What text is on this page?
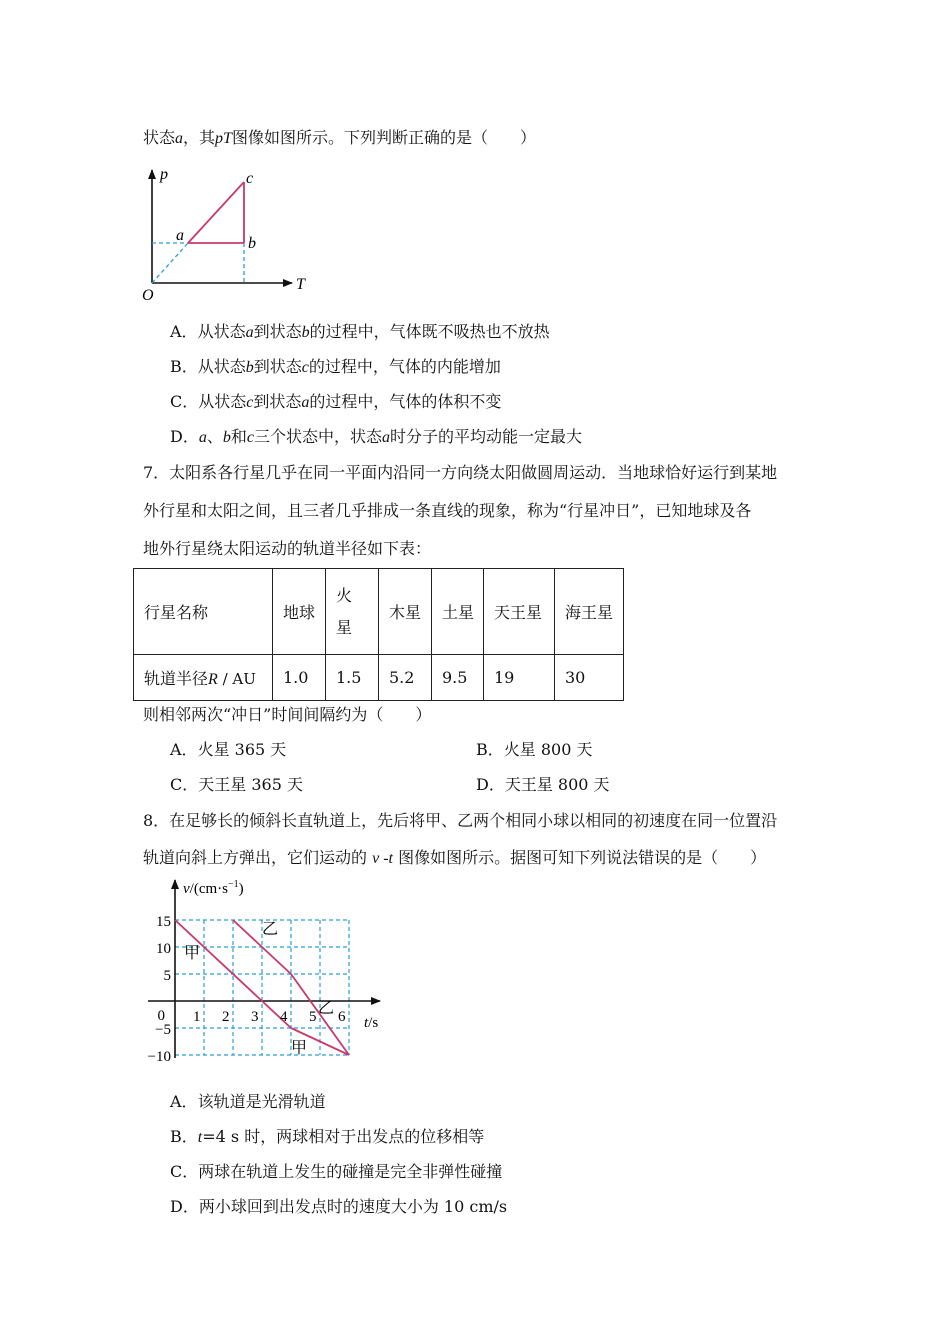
状态a，其pT图像如图所示。下列判断正确的是（　　）
p
T
O
a	b
c
A．从状态a到状态b的过程中，气体既不吸热也不放热
B．从状态b到状态c的过程中，气体的内能增加
C．从状态c到状态a的过程中，气体的体积不变
D．a、b和c三个状态中，状态a时分子的平均动能一定最大
7．太阳系各行星几乎在同一平面内沿同一方向绕太阳做圆周运动．当地球恰好运行到某地
外行星和太阳之间，且三者几乎排成一条直线的现象，称为“行星冲日”，已知地球及各
地外行星绕太阳运动的轨道半径如下表：
行星名称	地球	火
星	木星	土星	天王星	海王星
轨道半径R / AU	1.0	1.5	5.2	9.5	19	30
则相邻两次“冲日”时间间隔约为（　　）
A．火星 365 天	B．火星 800 天
C．天王星 365 天	D．天王星 800 天
8．在足够长的倾斜长直轨道上，先后将甲、乙两个相同小球以相同的初速度在同一位置沿
轨道向斜上方弹出，它们运动的 v -t 图像如图所示。据图可知下列说法错误的是（　　）
15
10
5
0
−5
−10
1 2 3 4 5 6
$v/(cm\cdot s^{-1})$
t/s
甲
乙
乙
甲
A．该轨道是光滑轨道
B．t=4 s 时，两球相对于出发点的位移相等
C．两球在轨道上发生的碰撞是完全非弹性碰撞
D．两小球回到出发点时的速度大小为 10 cm/s
